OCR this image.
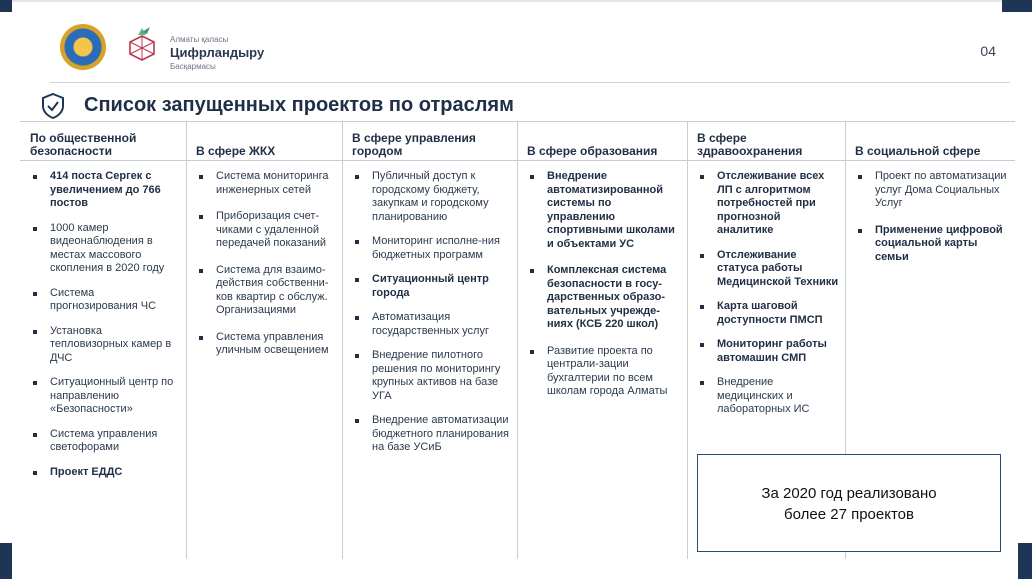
Алматы қаласы
Цифрландыру
Басқармасы
04
Список запущенных проектов по отраслям
По общественной безопасности
414 поста Сергек с увеличением до 766 постов
1000 камер видеонаблюдения в местах массового скопления в 2020 году
Система прогнозирования ЧС
Установка тепловизорных камер в ДЧС
Ситуационный центр по направлению «Безопасности»
Система управления светофорами
Проект ЕДДС
В сфере ЖКХ
Система мониторинга инженерных сетей
Приборизация счет-чиками с удаленной передачей показаний
Система для взаимо-действия собственни-ков квартир с обслуж. Организациями
Система управления уличным освещением
В сфере управления городом
Публичный доступ к городскому бюджету, закупкам и городскому планированию
Мониторинг исполне-ния бюджетных программ
Ситуационный центр города
Автоматизация государственных услуг
Внедрение пилотного решения по мониторингу крупных активов на базе УГА
Внедрение автоматизации бюджетного планирования на базе УСиБ
В сфере образования
Внедрение автоматизированной системы по управлению спортивными школами и объектами УС
Комплексная система безопасности в госу-дарственных образо-вательных учрежде-ниях (КСБ 220 школ)
Развитие проекта по централи-зации бухгалтерии по всем школам города Алматы
В сфере здравоохранения
Отслеживание всех ЛП с алгоритмом потребностей при прогнозной аналитике
Отслеживание статуса работы Медицинской Техники
Карта шаговой доступности ПМСП
Мониторинг работы автомашин СМП
Внедрение медицинских и лабораторных ИС
В социальной сфере
Проект по автоматизации услуг Дома Социальных Услуг
Применение цифровой социальной карты семьи
За 2020 год реализовано
более 27 проектов
